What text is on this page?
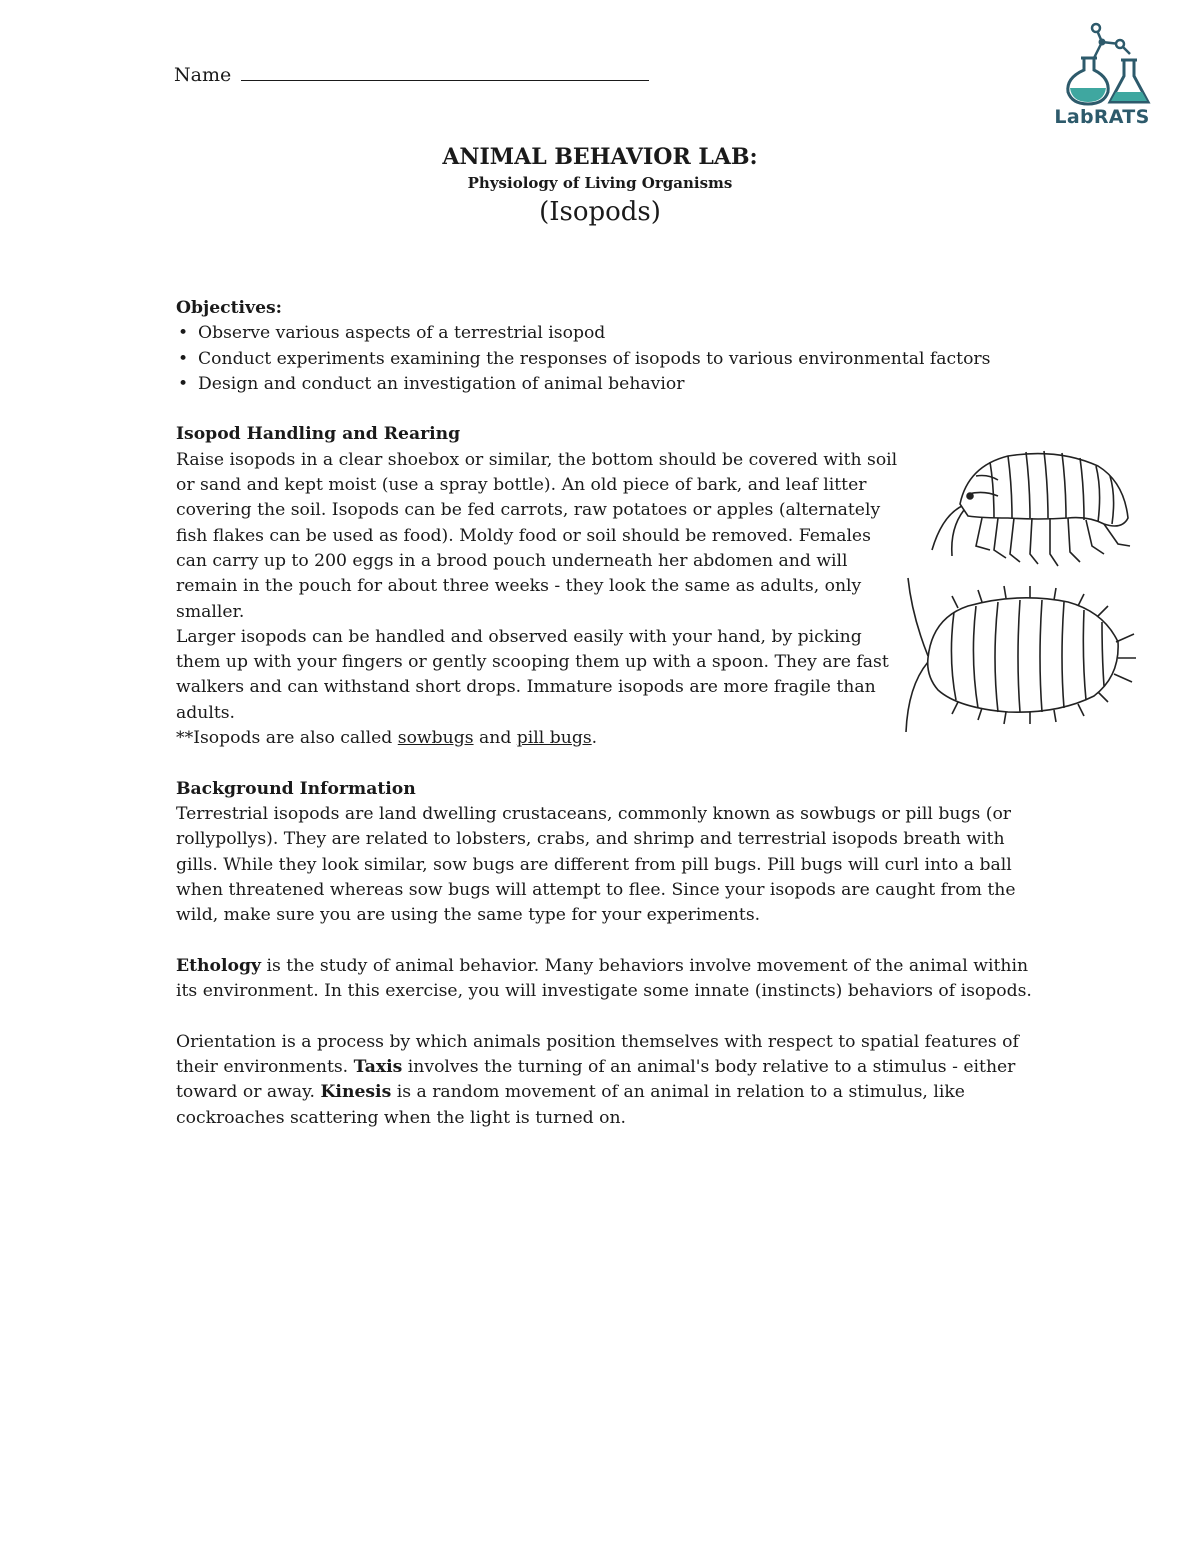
Name
LabRATS
ANIMAL BEHAVIOR LAB:
Physiology of Living Organisms
(Isopods)
Objectives:
• Observe various aspects of a terrestrial isopod
• Conduct experiments examining the responses of isopods to various environmental factors
• Design and conduct an investigation of animal behavior
Isopod Handling and Rearing
Raise isopods in a clear shoebox or similar, the bottom should be covered with soil or sand and kept moist (use a spray bottle). An old piece of bark, and leaf litter covering the soil. Isopods can be fed carrots, raw potatoes or apples (alternately fish flakes can be used as food). Moldy food or soil should be removed. Females can carry up to 200 eggs in a brood pouch underneath her abdomen and will remain in the pouch for about three weeks - they look the same as adults, only smaller.
Larger isopods can be handled and observed easily with your hand, by picking them up with your fingers or gently scooping them up with a spoon. They are fast walkers and can withstand short drops. Immature isopods are more fragile than adults.
**Isopods are also called sowbugs and pill bugs.
Background Information
Terrestrial isopods are land dwelling crustaceans, commonly known as sowbugs or pill bugs (or rollypollys). They are related to lobsters, crabs, and shrimp and terrestrial isopods breath with gills. While they look similar, sow bugs are different from pill bugs. Pill bugs will curl into a ball when threatened whereas sow bugs will attempt to flee. Since your isopods are caught from the wild, make sure you are using the same type for your experiments.
Ethology is the study of animal behavior. Many behaviors involve movement of the animal within its environment. In this exercise, you will investigate some innate (instincts) behaviors of isopods.
Orientation is a process by which animals position themselves with respect to spatial features of their environments. Taxis involves the turning of an animal's body relative to a stimulus - either toward or away. Kinesis is a random movement of an animal in relation to a stimulus, like cockroaches scattering when the light is turned on.
